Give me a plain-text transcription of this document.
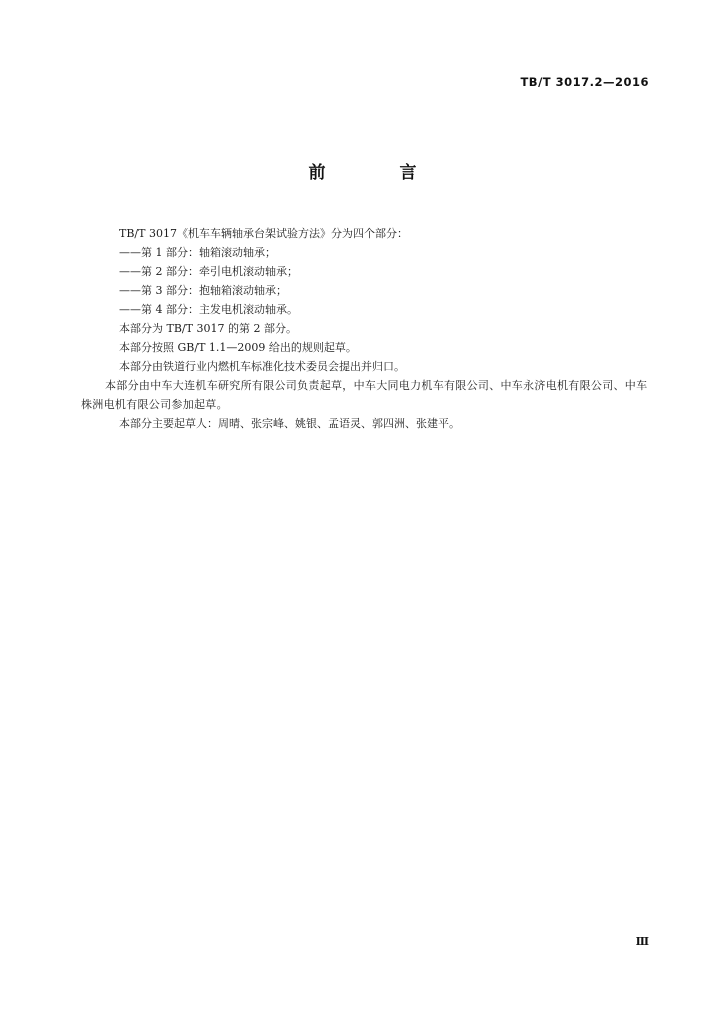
TB/T 3017.2—2016
前 言

TB/T 3017《机车车辆轴承台架试验方法》分为四个部分：

——第 1 部分：轴箱滚动轴承；

——第 2 部分：牵引电机滚动轴承；

——第 3 部分：抱轴箱滚动轴承；

——第 4 部分：主发电机滚动轴承。

本部分为 TB/T 3017 的第 2 部分。

本部分按照 GB/T 1.1—2009 给出的规则起草。

本部分由铁道行业内燃机车标准化技术委员会提出并归口。

本部分由中车大连机车研究所有限公司负责起草，中车大同电力机车有限公司、中车永济电机有限公司、中车株洲电机有限公司参加起草。

本部分主要起草人：周晴、张宗峰、姚银、孟语灵、郭四洲、张建平。

Ⅲ
